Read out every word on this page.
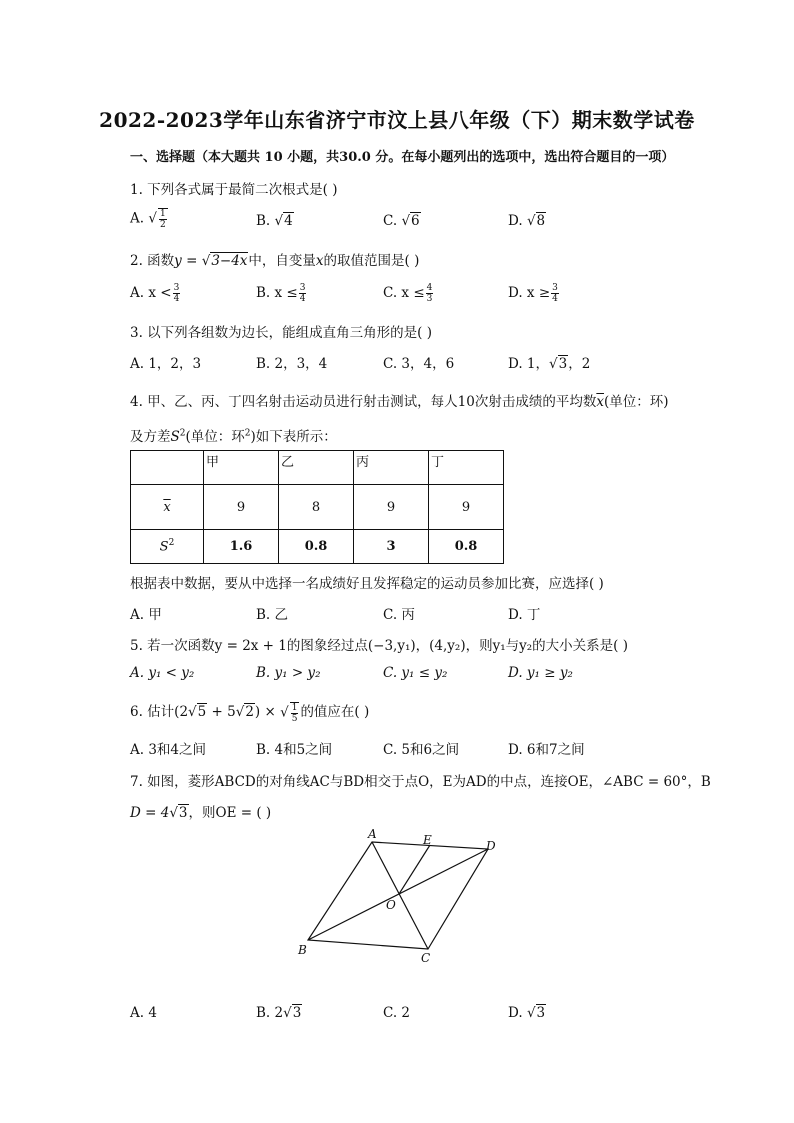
2022-2023学年山东省济宁市汶上县八年级（下）期末数学试卷
一、选择题（本大题共 10 小题，共30.0 分。在每小题列出的选项中，选出符合题目的一项）
1. 下列各式属于最简二次根式是( )
A. √ $\frac{1}{2}$	B. √4	C. √6	D. √8
2. 函数y = √3−4x中，自变量x的取值范围是( )
A. $x < \frac{3}{4}$	B. $x \le \frac{3}{4}$	C. $x \le \frac{4}{3}$	D. $x \ge \frac{3}{4}$
3. 以下列各组数为边长，能组成直角三角形的是( )
A. 1，2，3	B. 2，3，4	C. 3，4，6	D. 1，√3，2
4. 甲、乙、丙、丁四名射击运动员进行射击测试，每人10次射击成绩的平均数$\overline{x}$(单位：环)
及方差$S^2$(单位：环$^2$)如下表所示：
	甲	乙	丙	丁
$\overline{x}$	9	8	9	9
$S^2$	1.6	0.8	3	0.8
根据表中数据，要从中选择一名成绩好且发挥稳定的运动员参加比赛，应选择( )
A. 甲	B. 乙	C. 丙	D. 丁
5. 若一次函数y = 2x + 1的图象经过点(−3,y₁)，(4,y₂)，则y₁与y₂的大小关系是( )
A. y₁ < y₂	B. y₁ > y₂	C. y₁ ≤ y₂	D. y₁ ≥ y₂
6. 估计(2√5 + 5√2) × √ $\frac{1}{5}$ 的值应在( )
A. 3和4之间	B. 4和5之间	C. 5和6之间	D. 6和7之间
7. 如图，菱形ABCD的对角线AC与BD相交于点O，E为AD的中点，连接OE，∠ABC = 60°，B
D = 4√3，则OE = ( )
A	E	D
O
B
C
A. 4	B. 2√3	C. 2	D. √3
